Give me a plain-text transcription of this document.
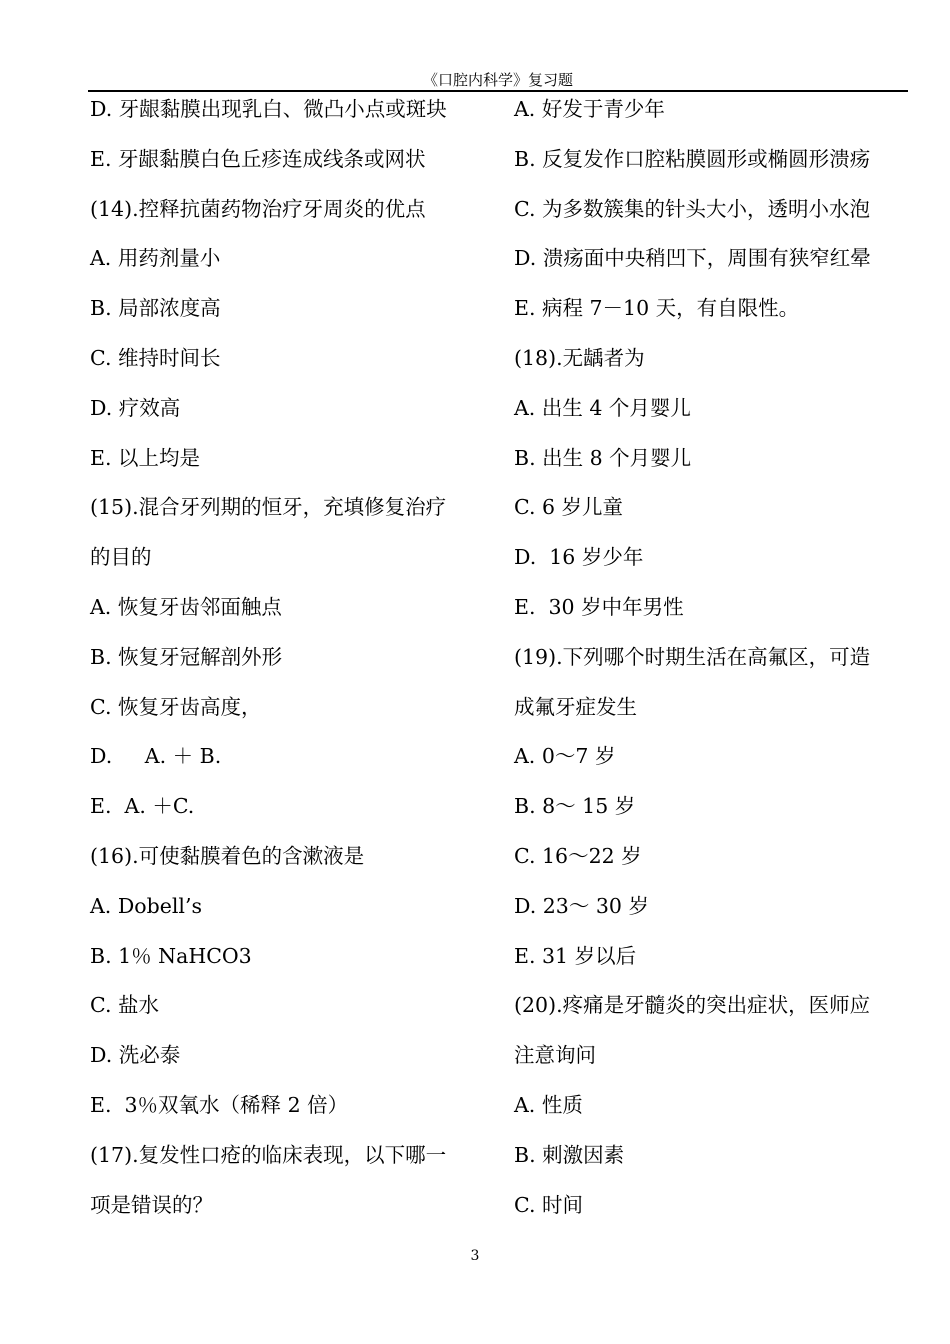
《口腔内科学》复习题
D. 牙龈黏膜出现乳白、微凸小点或斑块
E. 牙龈黏膜白色丘疹连成线条或网状
(14).控释抗菌药物治疗牙周炎的优点
A. 用药剂量小
B. 局部浓度高
C. 维持时间长
D. 疗效高
E. 以上均是
(15).混合牙列期的恒牙，充填修复治疗
的目的
A. 恢复牙齿邻面触点
B. 恢复牙冠解剖外形
C. 恢复牙齿高度，
D.     A. ＋ B.
E.  A. ＋C.
(16).可使黏膜着色的含漱液是
A. Dobell’s
B. 1％ NaHCO3
C. 盐水
D. 洗必泰
E.  3％双氧水（稀释 2 倍）
(17).复发性口疮的临床表现，以下哪一
项是错误的？
A. 好发于青少年
B. 反复发作口腔粘膜圆形或椭圆形溃疡
C. 为多数簇集的针头大小，透明小水泡
D. 溃疡面中央稍凹下，周围有狭窄红晕
E. 病程 7－10 天，有自限性。
(18).无龋者为
A. 出生 4 个月婴儿
B. 出生 8 个月婴儿
C. 6 岁儿童
D.  16 岁少年
E.  30 岁中年男性
(19).下列哪个时期生活在高氟区，可造
成氟牙症发生
A. 0～7 岁
B. 8～ 15 岁
C. 16～22 岁
D. 23～ 30 岁
E. 31 岁以后
(20).疼痛是牙髓炎的突出症状，医师应
注意询问
A. 性质
B. 刺激因素
C. 时间
3
